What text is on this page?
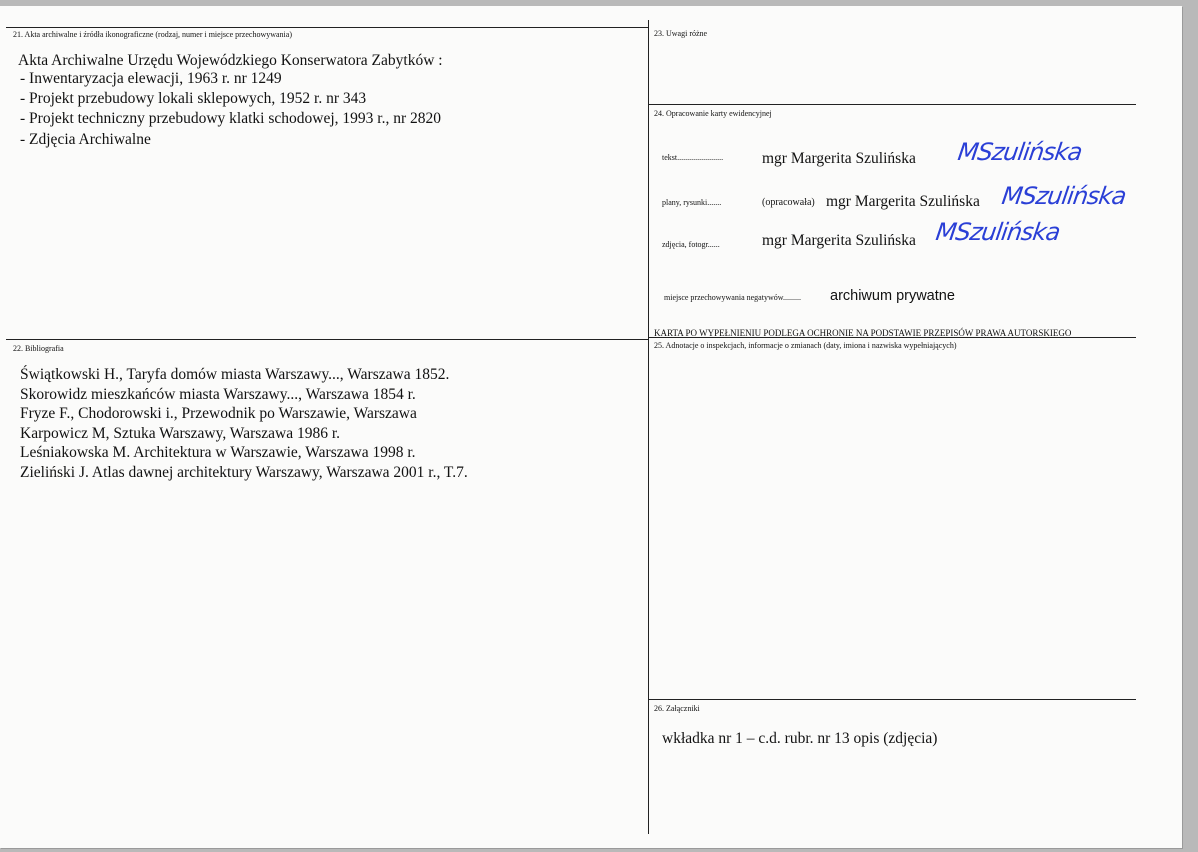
21. Akta archiwalne i źródła ikonograficzne (rodzaj, numer i miejsce przechowywania)
Akta Archiwalne Urzędu Wojewódzkiego Konserwatora Zabytków :
- Inwentaryzacja elewacji, 1963 r. nr 1249
- Projekt przebudowy lokali sklepowych, 1952 r. nr 343
- Projekt techniczny przebudowy klatki schodowej, 1993 r., nr 2820
- Zdjęcia Archiwalne
22. Bibliografia
Świątkowski H., Taryfa domów miasta Warszawy..., Warszawa 1852.
Skorowidz mieszkańców miasta Warszawy..., Warszawa 1854 r.
Fryze F., Chodorowski i., Przewodnik po Warszawie, Warszawa
Karpowicz M, Sztuka Warszawy, Warszawa 1986 r.
Leśniakowska M. Architektura w Warszawie, Warszawa 1998 r.
Zieliński J. Atlas dawnej architektury Warszawy, Warszawa 2001 r., T.7.
23. Uwagi różne
24. Opracowanie karty ewidencyjnej
tekst.......................	mgr Margerita Szulińska MSzulińska
plany, rysunki.......	(opracowała) mgr Margerita Szulińska MSzulińska
zdjęcia, fotogr......	mgr Margerita Szulińska MSzulińska
miejsce przechowywania negatywów......... archiwum prywatne
KARTA PO WYPEŁNIENIU PODLEGA OCHRONIE NA PODSTAWIE PRZEPISÓW PRAWA AUTORSKIEGO
25. Adnotacje o inspekcjach, informacje o zmianach (daty, imiona i nazwiska wypełniających)
26. Załączniki
wkładka nr 1 – c.d. rubr. nr 13 opis (zdjęcia)
